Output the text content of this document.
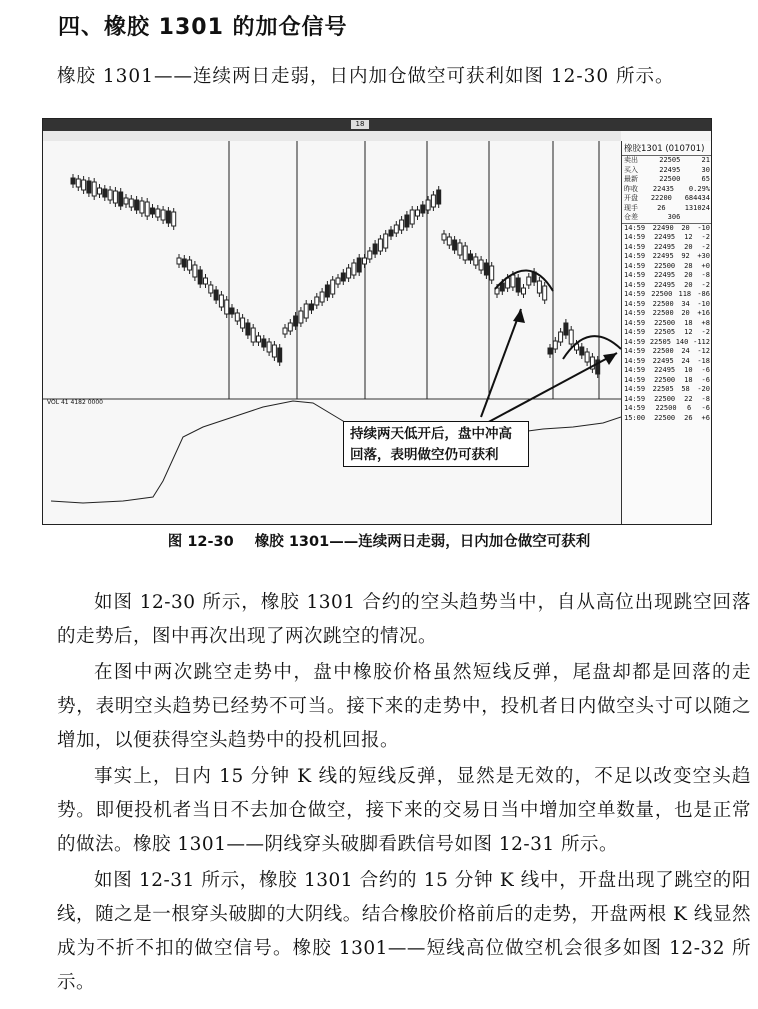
四、橡胶 1301 的加仓信号
橡胶 1301——连续两日走弱，日内加仓做空可获利如图 12-30 所示。
18
VOL 41 4182 0000
持续两天低开后，盘中冲高
回落，表明做空仍可获利
橡胶1301 (010701)
卖出	22505	21
买入	22495	30
最新	22500	65
昨收 22435 0.29%
开盘 22200 684434
现手	26	131024
仓差	306
14:59 22490 20 -10
14:59 22495 12 -2
14:59 22495 20 -2
14:59 22495 92 +30
14:59 22500 28 +0
14:59 22495 20 -8
14:59 22495 20 -2
14:59 22500 118 -86
14:59 22500 34 -10
14:59 22500 20 +16
14:59 22500 18 +8
14:59 22505 12 -2
14:59 22505 140 -112
14:59 22500 24 -12
14:59 22495 24 -18
14:59 22495 10 -6
14:59 22500 18 -6
14:59 22505 58 -20
14:59 22500 22 -8
14:59 22500 6 -6
15:00 22500 26 +6
图 12-30 橡胶 1301——连续两日走弱，日内加仓做空可获利

如图 12-30 所示，橡胶 1301 合约的空头趋势当中，自从高位出现跳空回落的走势后，图中再次出现了两次跳空的情况。

在图中两次跳空走势中，盘中橡胶价格虽然短线反弹，尾盘却都是回落的走势，表明空头趋势已经势不可当。接下来的走势中，投机者日内做空头寸可以随之增加，以便获得空头趋势中的投机回报。

事实上，日内 15 分钟 K 线的短线反弹，显然是无效的，不足以改变空头趋势。即便投机者当日不去加仓做空，接下来的交易日当中增加空单数量，也是正常的做法。橡胶 1301——阴线穿头破脚看跌信号如图 12-31 所示。

如图 12-31 所示，橡胶 1301 合约的 15 分钟 K 线中，开盘出现了跳空的阳线，随之是一根穿头破脚的大阴线。结合橡胶价格前后的走势，开盘两根 K 线显然成为不折不扣的做空信号。橡胶 1301——短线高位做空机会很多如图 12-32 所示。
